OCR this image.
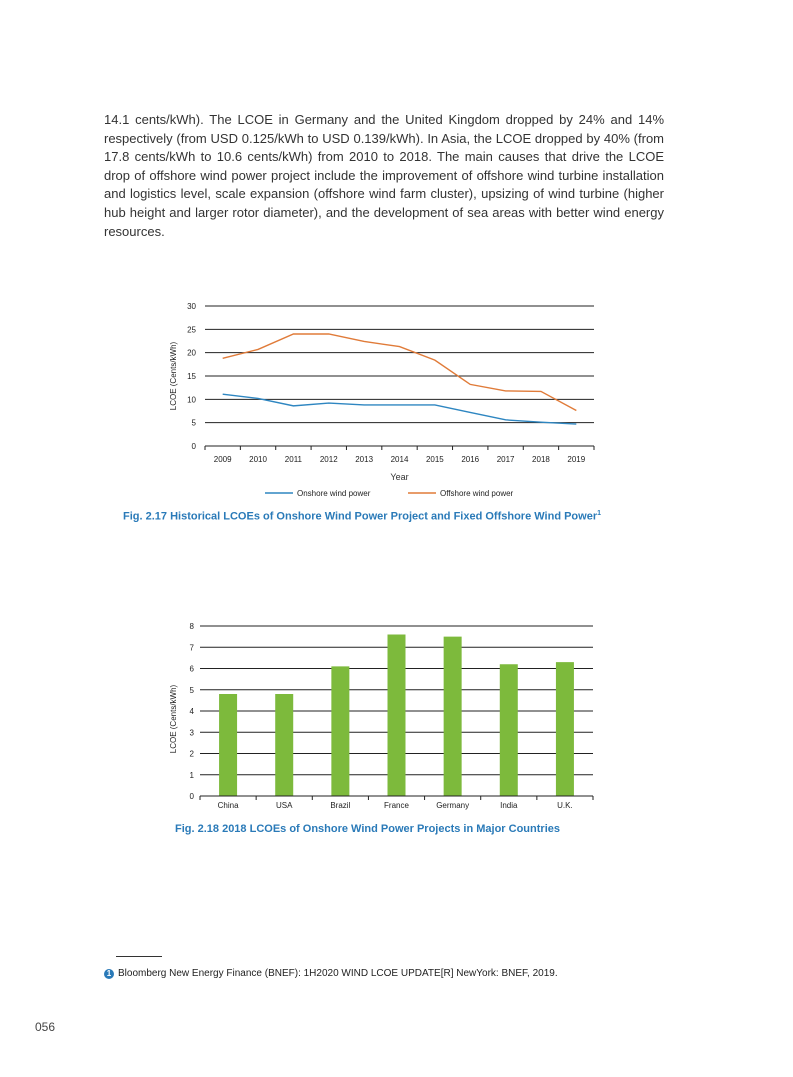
14.1 cents/kWh). The LCOE in Germany and the United Kingdom dropped by 24% and 14% respectively (from USD 0.125/kWh to USD 0.139/kWh). In Asia, the LCOE dropped by 40% (from 17.8 cents/kWh to 10.6 cents/kWh) from 2010 to 2018. The main causes that drive the LCOE drop of offshore wind power project include the improvement of offshore wind turbine installation and logistics level, scale expansion (offshore wind farm cluster), upsizing of wind turbine (higher hub height and larger rotor diameter), and the development of sea areas with better wind energy resources.
0
5
10
15
20
25
30
2009 2010 2011 2012 2013 2014 2015 2016 2017 2018 2019
Year
LCOE (Cents/kWh)
Onshore wind power	Offshore wind power
0
1
2
3
4
5
6
7
8
China	USA	Brazil	France	Germany	India	U.K.
LCOE (Cents/kWh)
Fig. 2.17 Historical LCOEs of Onshore Wind Power Project and Fixed Offshore Wind Power$^1$
Fig. 2.18 2018 LCOEs of Onshore Wind Power Projects in Major Countries
1 Bloomberg New Energy Finance (BNEF): 1H2020 WIND LCOE UPDATE[R] NewYork: BNEF, 2019.
056
